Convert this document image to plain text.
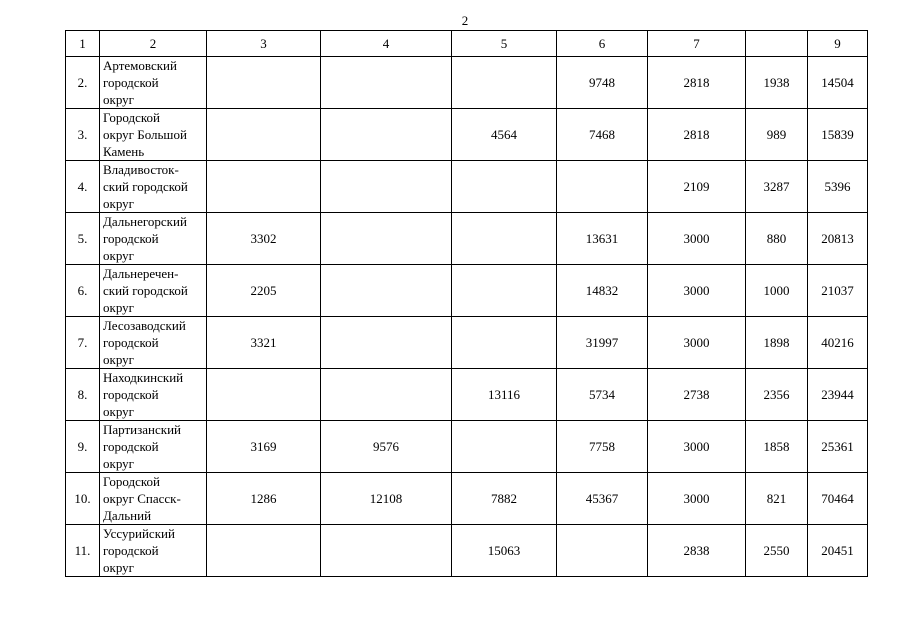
2
1	2	3	4	5	6	7		9
2.	Артемовский
городской
округ				9748	2818	1938	14504
3.	Городской
округ Большой
Камень			4564	7468	2818	989	15839
4.	Владивосток-
ский городской
округ					2109	3287	5396
5.	Дальнегорский
городской
округ	3302			13631	3000	880	20813
6.	Дальнеречен-
ский городской
округ	2205			14832	3000	1000	21037
7.	Лесозаводский
городской
округ	3321			31997	3000	1898	40216
8.	Находкинский
городской
округ			13116	5734	2738	2356	23944
9.	Партизанский
городской
округ	3169	9576		7758	3000	1858	25361
10.	Городской
округ Спасск-
Дальний	1286	12108	7882	45367	3000	821	70464
11.	Уссурийский
городской
округ			15063		2838	2550	20451
